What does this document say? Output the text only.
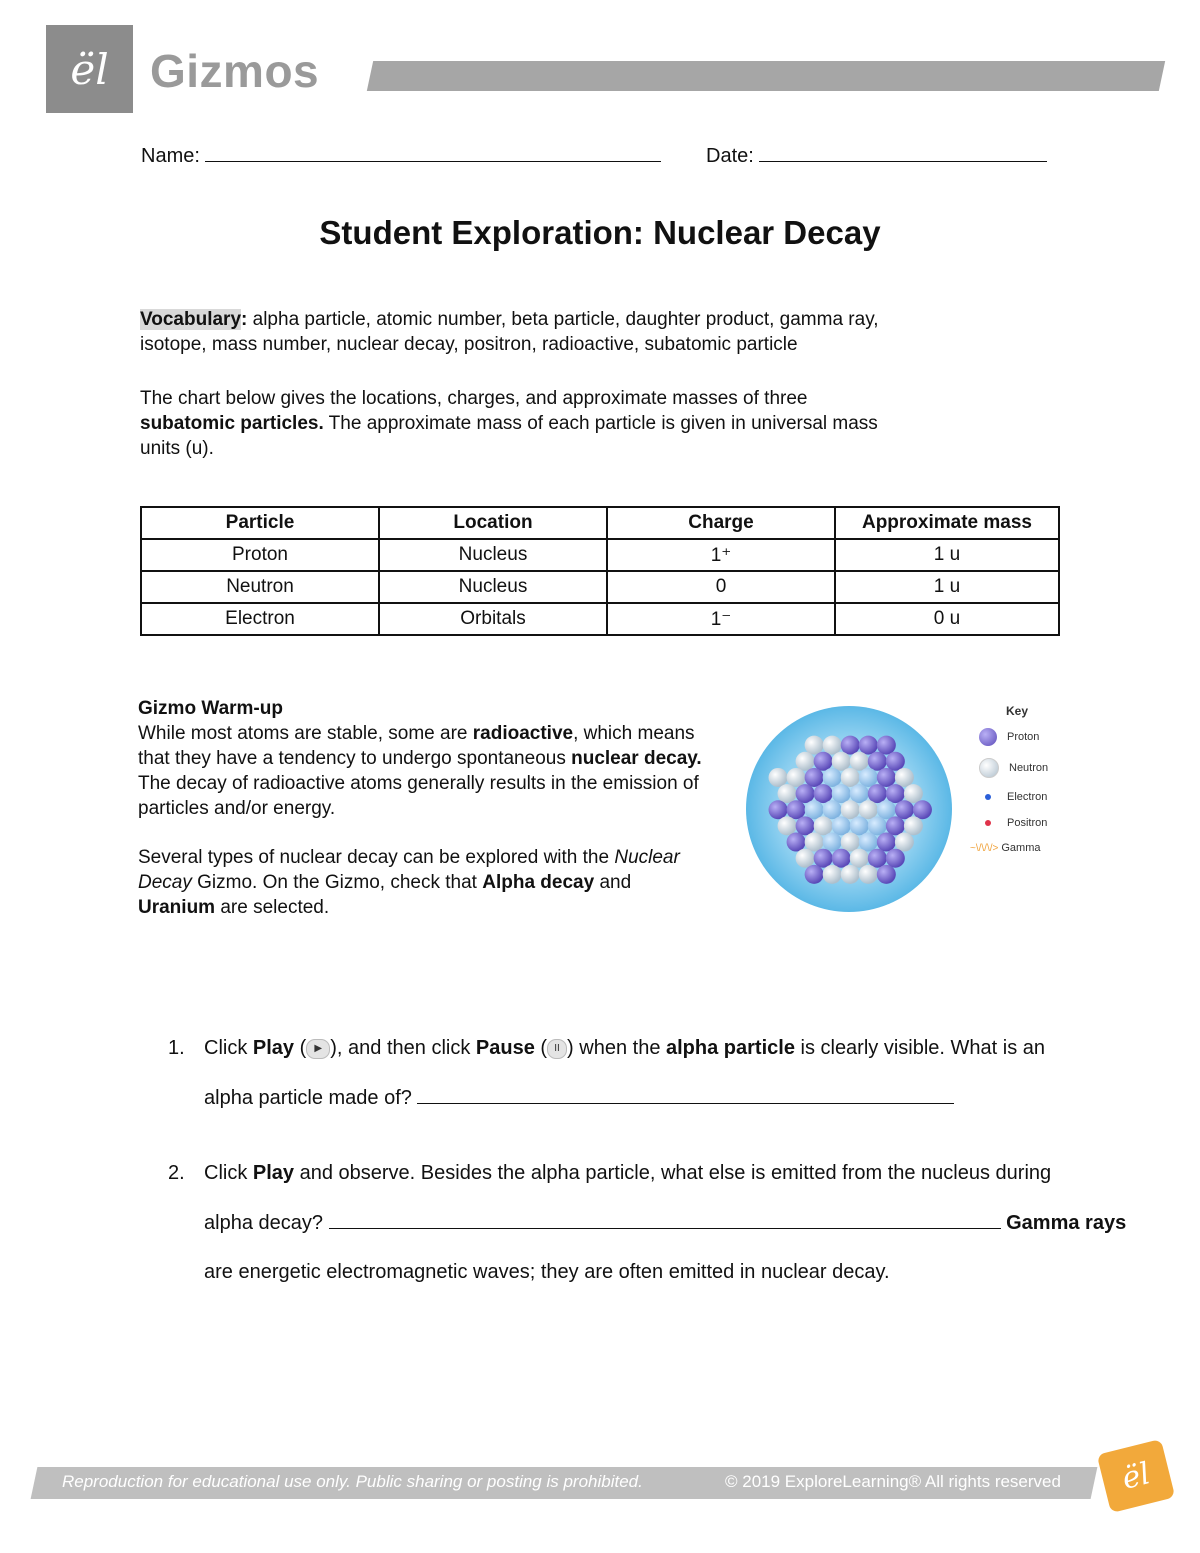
ël Gizmos
Name:	Date:
Student Exploration: Nuclear Decay
Vocabulary: alpha particle, atomic number, beta particle, daughter product, gamma ray,
isotope, mass number, nuclear decay, positron, radioactive, subatomic particle
The chart below gives the locations, charges, and approximate masses of three
subatomic particles. The approximate mass of each particle is given in universal mass
units (u).
Particle	Location	Charge	Approximate mass
Proton	Nucleus	1⁺	1 u
Neutron	Nucleus	0	1 u
Electron	Orbitals	1⁻	0 u
Gizmo Warm-up
While most atoms are stable, some are radioactive, which means that they have a tendency to undergo spontaneous nuclear decay. The decay of radioactive atoms generally results in the emission of particles and/or energy.
Several types of nuclear decay can be explored with the Nuclear Decay Gizmo. On the Gizmo, check that Alpha decay and Uranium are selected.
Key
Proton
Neutron
Electron
Positron
~\/\/\/> Gamma
1. Click Play ( ▶ ), and then click Pause ( II ) when the alpha particle is clearly visible. What is an
alpha particle made of?
2. Click Play and observe. Besides the alpha particle, what else is emitted from the nucleus during
alpha decay?	Gamma rays
are energetic electromagnetic waves; they are often emitted in nuclear decay.
Reproduction for educational use only. Public sharing or posting is prohibited.	© 2019 ExploreLearning® All rights reserved	ël
